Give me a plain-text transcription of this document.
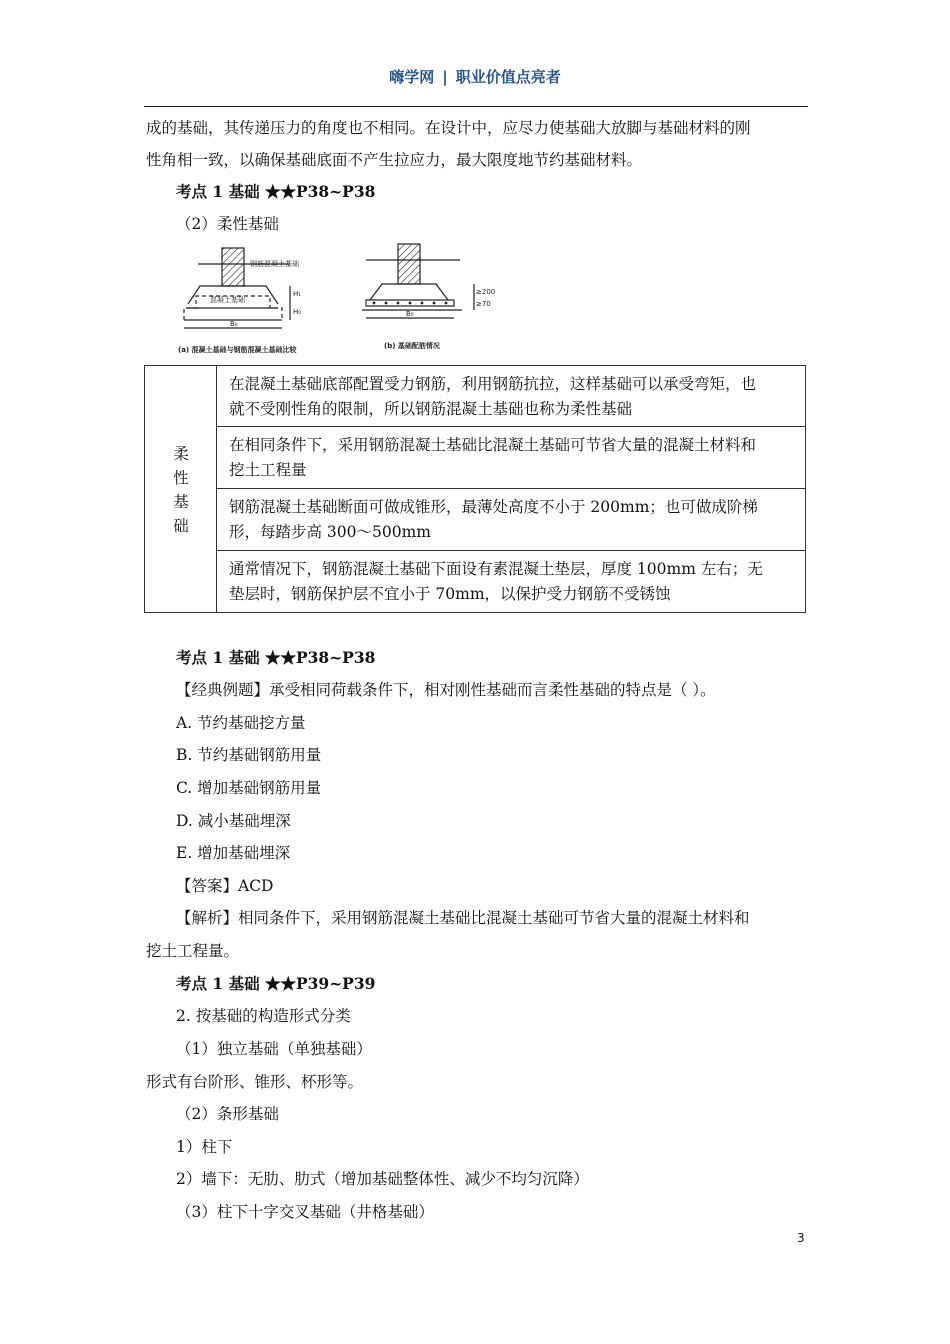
嗨学网 | 职业价值点亮者
成的基础，其传递压力的角度也不相同。在设计中，应尽力使基础大放脚与基础材料的刚
性角相一致，以确保基础底面不产生拉应力，最大限度地节约基础材料。
考点 1 基础 ★★P38~P38
（2）柔性基础
钢筋混凝土基础
混凝土基础
H₁
H₀
B₀
B₀
≥200
≥70
(a) 混凝土基础与钢筋混凝土基础比较	(b) 基础配筋情况
柔
性
基
础
在混凝土基础底部配置受力钢筋，利用钢筋抗拉，这样基础可以承受弯矩，也
就不受刚性角的限制，所以钢筋混凝土基础也称为柔性基础
在相同条件下，采用钢筋混凝土基础比混凝土基础可节省大量的混凝土材料和
挖土工程量
钢筋混凝土基础断面可做成锥形，最薄处高度不小于 200mm；也可做成阶梯
形，每踏步高 300～500mm
通常情况下，钢筋混凝土基础下面设有素混凝土垫层，厚度 100mm 左右；无
垫层时，钢筋保护层不宜小于 70mm，以保护受力钢筋不受锈蚀
考点 1 基础 ★★P38~P38
【经典例题】承受相同荷载条件下，相对刚性基础而言柔性基础的特点是（ ）。
A. 节约基础挖方量
B. 节约基础钢筋用量
C. 增加基础钢筋用量
D. 减小基础埋深
E. 增加基础埋深
【答案】ACD
【解析】相同条件下，采用钢筋混凝土基础比混凝土基础可节省大量的混凝土材料和
挖土工程量。
考点 1 基础 ★★P39~P39
2. 按基础的构造形式分类
（1）独立基础（单独基础）
形式有台阶形、锥形、杯形等。
（2）条形基础
1）柱下
2）墙下：无肋、肋式（增加基础整体性、减少不均匀沉降）
（3）柱下十字交叉基础（井格基础）
3
